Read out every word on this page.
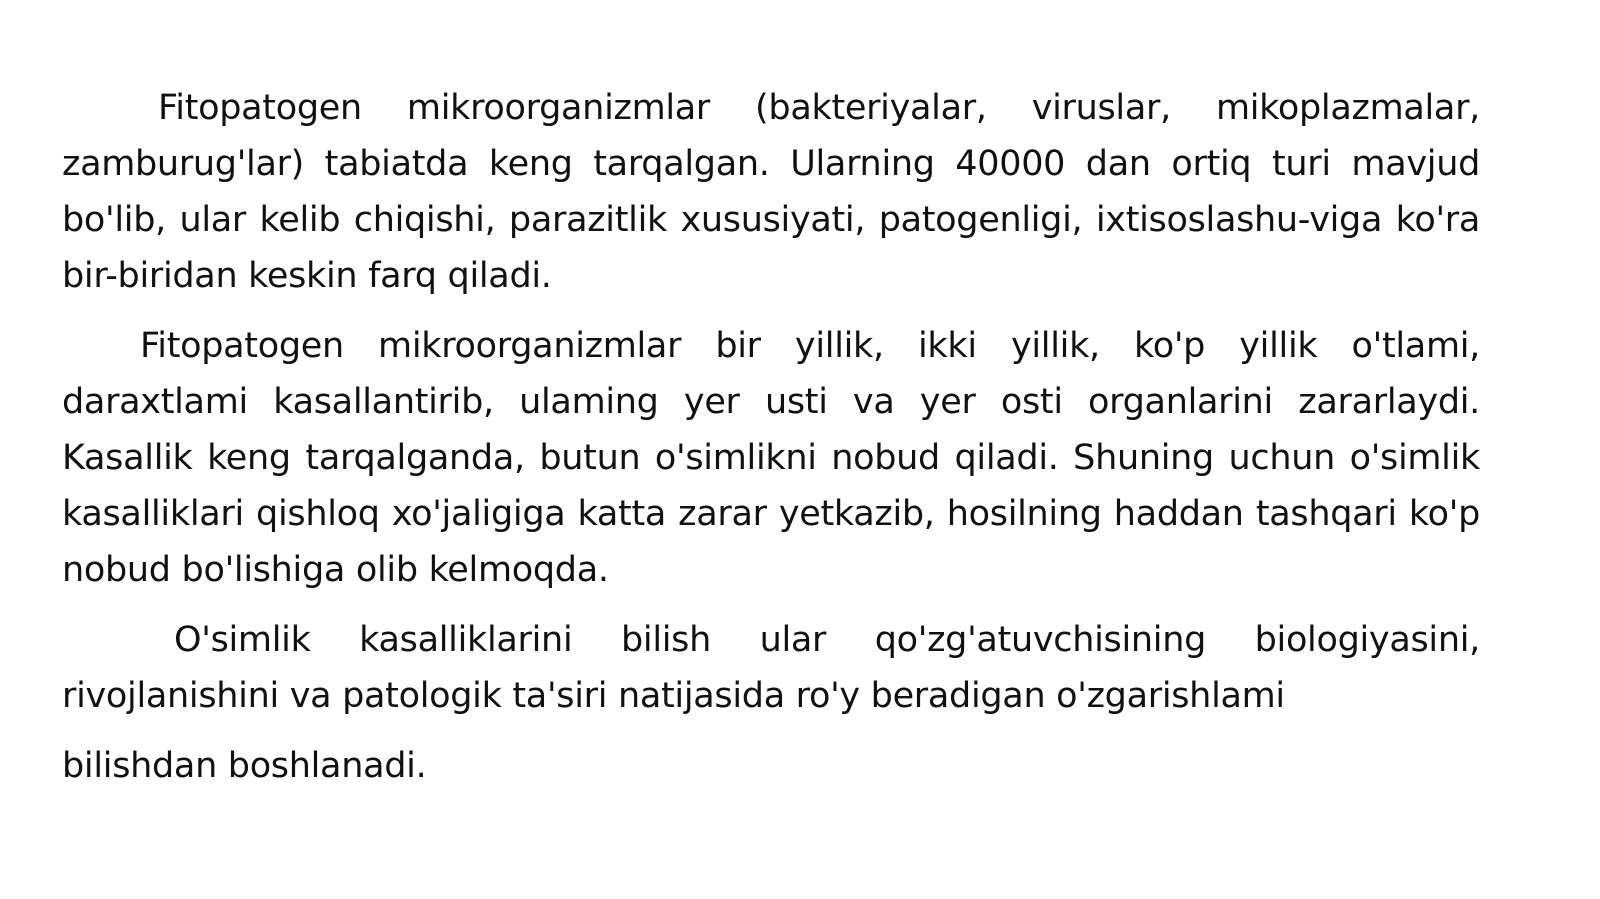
Fitopatogen mikroorganizmlar (bakteriyalar, viruslar, mikoplazmalar, zamburug'lar) tabiatda keng tarqalgan. Ularning 40000 dan ortiq turi mavjud bo'lib, ular kelib chiqishi, parazitlik xususiyati, patogenligi, ixtisoslashu-viga ko'ra bir-biridan keskin farq qiladi.

Fitopatogen mikroorganizmlar bir yillik, ikki yillik, ko'p yillik o'tlami, daraxtlami kasallantirib, ulaming yer usti va yer osti organlarini zararlaydi. Kasallik keng tarqalganda, butun o'simlikni nobud qiladi. Shuning uchun o'simlik kasalliklari qishloq xo'jaligiga katta zarar yetkazib, hosilning haddan tashqari ko'p nobud bo'lishiga olib kelmoqda.

O'simlik kasalliklarini bilish ular qo'zg'atuvchisining biologiyasini, rivojlanishini va patologik ta'siri natijasida ro'y beradigan o'zgarishlami

bilishdan boshlanadi.
